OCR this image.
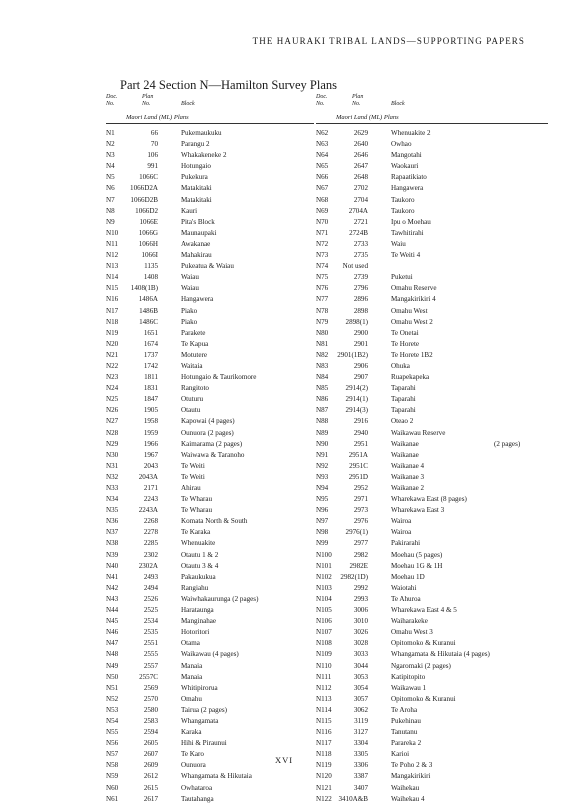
THE HAURAKI TRIBAL LANDS—SUPPORTING PAPERS
Part 24 Section N—Hamilton Survey Plans
Doc. No.
Plan No.	Block
Maori Land (ML) Plans
N1	66	Pukemaukuku
N2	70	Parangu 2
N3	106	Whakakeneke 2
N4	991	Hotungaio
N5	1066C	Pukekura
N6	1066D2A	Matakitaki
N7	1066D2B	Matakitaki
N8	1066D2	Kauri
N9	1066E	Pita's Block
N10	1066G	Maunaupaki
N11	1066H	Awakanae
N12	1066I	Mahakirau
N13	1135	Pukeatua & Waiau
N14	1408	Waiau
N15	1408(1B)	Waiau
N16	1486A	Hangawera
N17	1486B	Piako
N18	1486C	Piako
N19	1651	Parakete
N20	1674	Te Kapua
N21	1737	Motutere
N22	1742	Waitaia
N23	1811	Hotungaio & Taurikomore
N24	1831	Rangitoto
N25	1847	Otuturu
N26	1905	Otautu
N27	1958	Kapowai (4 pages)
N28	1959	Ounuora (2 pages)
N29	1966	Kaimarama (2 pages)
N30	1967	Waiwawa & Taranoho
N31	2043	Te Weiti
N32	2043A	Te Weiti
N33	2171	Ahirau
N34	2243	Te Wharau
N35	2243A	Te Wharau
N36	2268	Komata North & South
N37	2278	Te Karaka
N38	2285	Whenuakite
N39	2302	Otautu 1 & 2
N40	2302A	Otautu 3 & 4
N41	2493	Pakaukukua
N42	2494	Rangiahu
N43	2526	Waiwhakaurunga (2 pages)
N44	2525	Harataunga
N45	2534	Manginahae
N46	2535	Hotoritori
N47	2551	Otama
N48	2555	Waikawau (4 pages)
N49	2557	Manaia
N50	2557C	Manaia
N51	2569	Whitipirorua
N52	2570	Omahu
N53	2580	Tairua (2 pages)
N54	2583	Whangamata
N55	2594	Karaka
N56	2605	Hihi & Piraunui
N57	2607	Te Karo
N58	2609	Ounuora
N59	2612	Whangamata & Hikutaia
N60	2615	Owhataroa
N61	2617	Tautahanga
Doc. No.
Plan No.	Block
Maori Land (ML) Plans
N62	2629	Whenuakite 2
N63	2640	Owhao
N64	2646	Mangotahi
N65	2647	Waokauri
N66	2648	Rapaatikiato
N67	2702	Hangawera
N68	2704	Taukoro
N69	2704A	Taukoro
N70	2721	Ipu o Moehau
N71	2724B	Tawhitirahi
N72	2733	Waiu
N73	2735	Te Weiti 4
N74	Not used
N75	2739	Puketui
N76	2796	Omahu Reserve
N77	2896	Mangakirikiri 4
N78	2898	Omahu West
N79	2898(1)	Omahu West 2
N80	2900	Te Onetai
N81	2901	Te Horete
N82	2901(1B2)	Te Horete 1B2
N83	2906	Ohuka
N84	2907	Ruapekapeka
N85	2914(2)	Taparahi
N86	2914(1)	Taparahi
N87	2914(3)	Taparahi
N88	2916	Oteao 2
N89	2940	Waikawau Reserve
N90	2951	Waikanae	(2 pages)
N91	2951A	Waikanae
N92	2951C	Waikanae 4
N93	2951D	Waikanae 3
N94	2952	Waikanae 2
N95	2971	Wharekawa East (8 pages)
N96	2973	Wharekawa East 3
N97	2976	Wairoa
N98	2976(1)	Wairoa
N99	2977	Pakirarahi
N100	2982	Moehau (5 pages)
N101	2982E	Moehau 1G & 1H
N102	2982(1D)	Moehau 1D
N103	2992	Waiotahi
N104	2993	Te Ahuroa
N105	3006	Wharekawa East 4 & 5
N106	3010	Waiharakeke
N107	3026	Omahu West 3
N108	3028	Opitomoko & Kuranui
N109	3033	Whangamata & Hikutaia (4 pages)
N110	3044	Ngaromaki (2 pages)
N111	3053	Katipitopito
N112	3054	Waikawau 1
N113	3057	Opitomoko & Kuranui
N114	3062	Te Aroha
N115	3119	Pukehinau
N116	3127	Tanutanu
N117	3304	Parareka 2
N118	3305	Karioi
N119	3306	Te Poho 2 & 3
N120	3387	Mangakirikiri
N121	3407	Waihekau
N122 3410A&B	Waihekau 4
XVI
